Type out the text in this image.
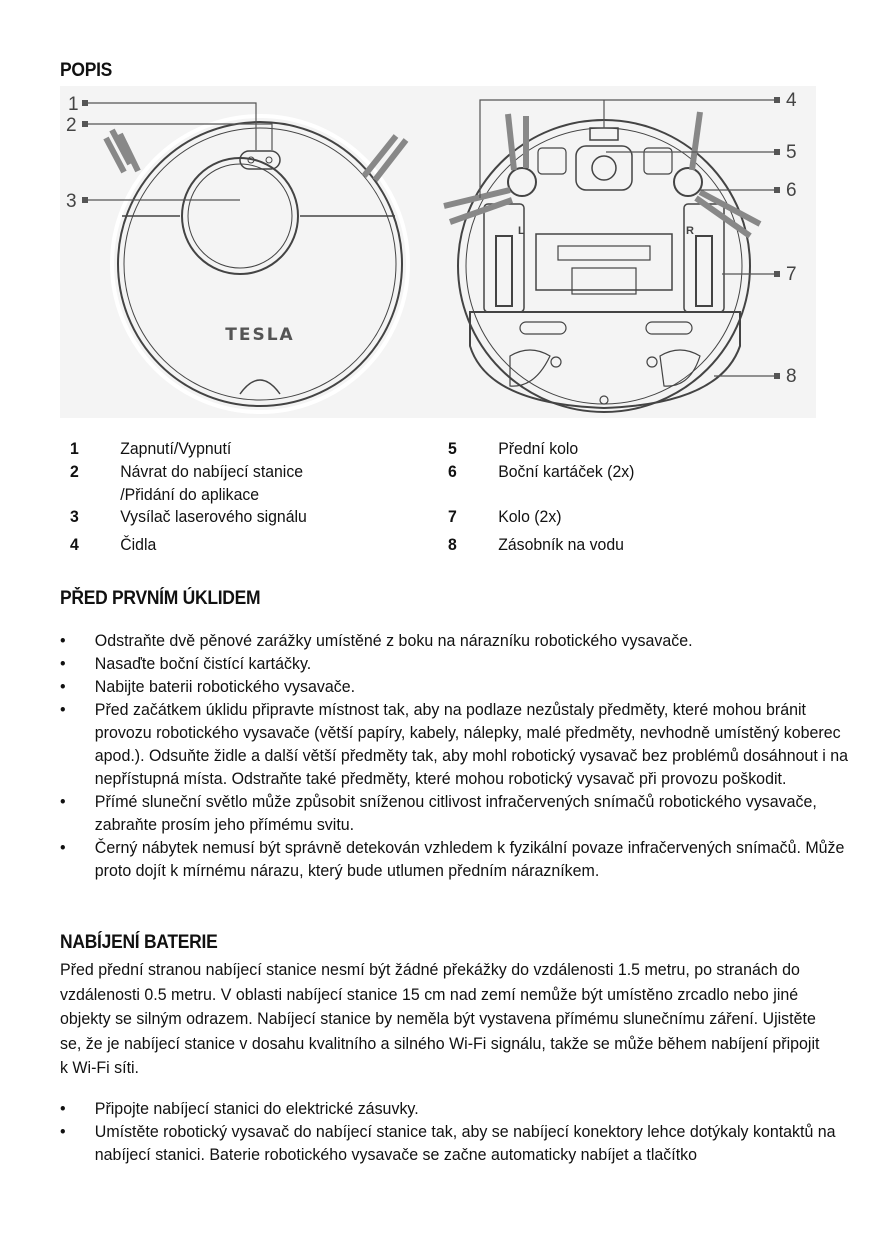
POPIS
TESLA
1
2
3
L	R
4
5
6
7
8
1 Zapnutí/Vypnutí
2 Návrat do nabíjecí stanice
/Přidání do aplikace
3 Vysílač laserového signálu
4 Čidla
5 Přední kolo
6 Boční kartáček (2x)
7 Kolo (2x)
8 Zásobník na vodu
PŘED PRVNÍM ÚKLIDEM
• Odstraňte dvě pěnové zarážky umístěné z boku na nárazníku robotického vysavače.
• Nasaďte boční čistící kartáčky.
• Nabijte baterii robotického vysavače.
• Před začátkem úklidu připravte místnost tak, aby na podlaze nezůstaly předměty, které mohou bránit provozu robotického vysavače (větší papíry, kabely, nálepky, malé předměty, nevhodně umístěný koberec apod.). Odsuňte židle a další větší předměty tak, aby mohl robotický vysavač bez problémů dosáhnout i na nepřístupná místa. Odstraňte také předměty, které mohou robotický vysavač při provozu poškodit.
• Přímé sluneční světlo může způsobit sníženou citlivost infračervených snímačů robotického vysavače, zabraňte prosím jeho přímému svitu.
• Černý nábytek nemusí být správně detekován vzhledem k fyzikální povaze infračervených snímačů. Může proto dojít k mírnému nárazu, který bude utlumen předním nárazníkem.
NABÍJENÍ BATERIE

Před přední stranou nabíjecí stanice nesmí být žádné překážky do vzdálenosti 1.5 metru, po stranách do vzdálenosti 0.5 metru. V oblasti nabíjecí stanice 15 cm nad zemí nemůže být umístěno zrcadlo nebo jiné objekty se silným odrazem. Nabíjecí stanice by neměla být vystavena přímému slunečnímu záření. Ujistěte se, že je nabíjecí stanice v dosahu kvalitního a silného Wi-Fi signálu, takže se může během nabíjení připojit k Wi-Fi síti.

• Připojte nabíjecí stanici do elektrické zásuvky.
• Umístěte robotický vysavač do nabíjecí stanice tak, aby se nabíjecí konektory lehce dotýkaly kontaktů na nabíjecí stanici. Baterie robotického vysavače se začne automaticky nabíjet a tlačítko
